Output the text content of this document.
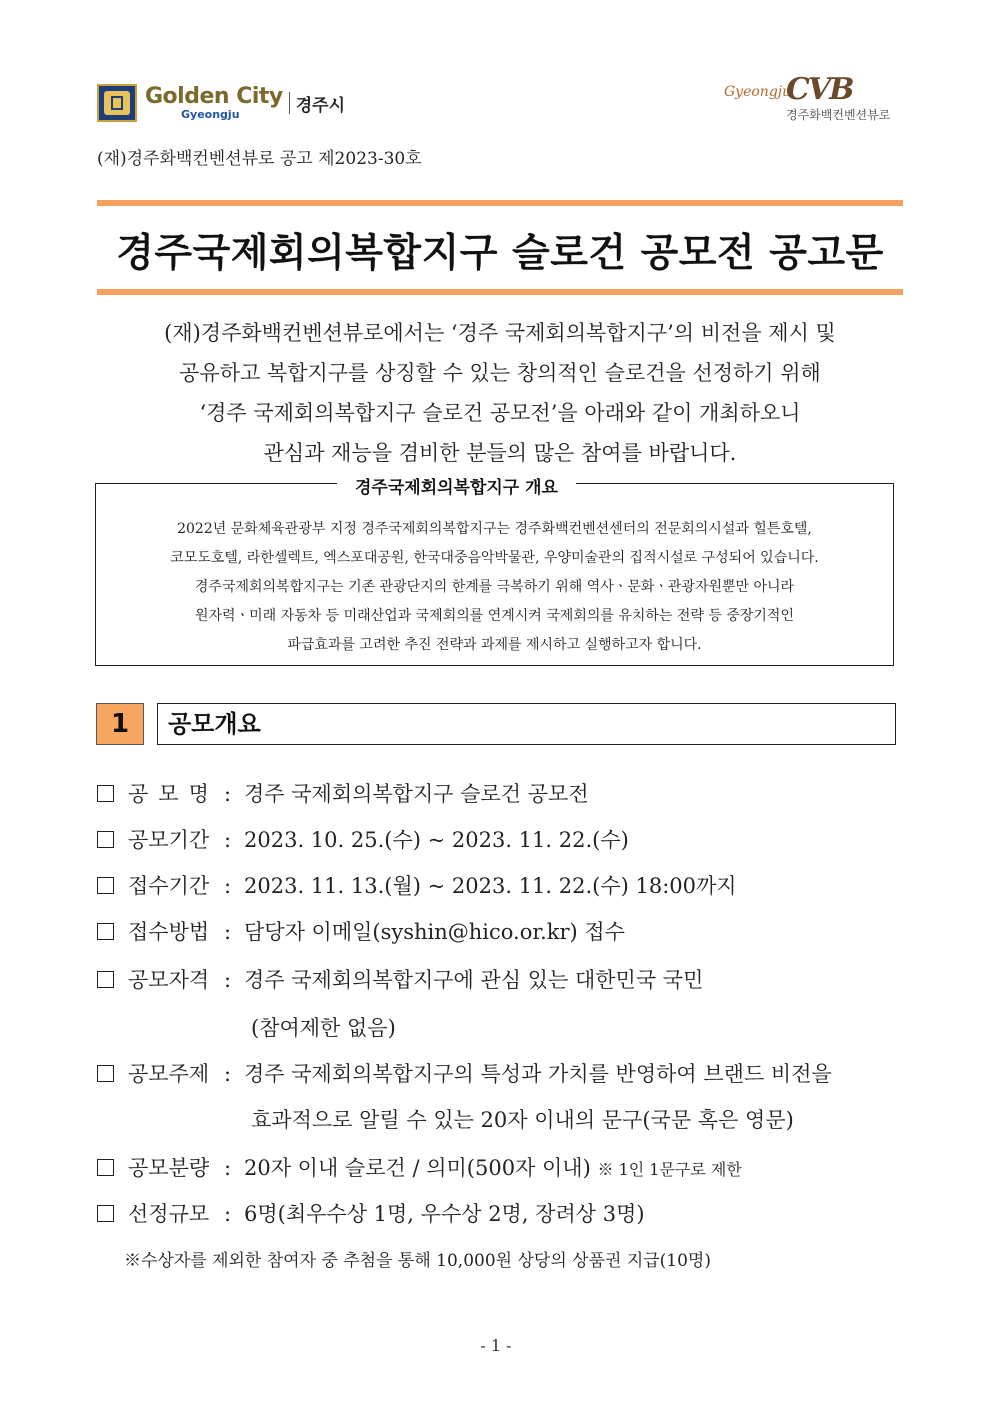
Golden City
Gyeongju	경주시
Gyeongju
CVB
경주화백컨벤션뷰로
(재)경주화백컨벤션뷰로 공고 제2023-30호
경주국제회의복합지구 슬로건 공모전 공고문
(재)경주화백컨벤션뷰로에서는 ‘경주 국제회의복합지구’의 비전을 제시 및
공유하고 복합지구를 상징할 수 있는 창의적인 슬로건을 선정하기 위해
‘경주 국제회의복합지구 슬로건 공모전’을 아래와 같이 개최하오니
관심과 재능을 겸비한 분들의 많은 참여를 바랍니다.
경주국제회의복합지구 개요
2022년 문화체육관광부 지정 경주국제회의복합지구는 경주화백컨벤션센터의 전문회의시설과 힐튼호텔,
코모도호텔, 라한셀렉트, 엑스포대공원, 한국대중음악박물관, 우양미술관의 집적시설로 구성되어 있습니다.
경주국제회의복합지구는 기존 관광단지의 한계를 극복하기 위해 역사ㆍ문화ㆍ관광자원뿐만 아니라
원자력ㆍ미래 자동차 등 미래산업과 국제회의를 연계시켜 국제회의를 유치하는 전략 등 중장기적인
파급효과를 고려한 추진 전략과 과제를 제시하고 실행하고자 합니다.
1	공모개요
공모명 : 경주 국제회의복합지구 슬로건 공모전
공모기간 : 2023. 10. 25.(수) ~ 2023. 11. 22.(수)
접수기간 : 2023. 11. 13.(월) ~ 2023. 11. 22.(수) 18:00까지
접수방법 : 담당자 이메일(syshin@hico.or.kr) 접수
공모자격 : 경주 국제회의복합지구에 관심 있는 대한민국 국민
(참여제한 없음)
공모주제 : 경주 국제회의복합지구의 특성과 가치를 반영하여 브랜드 비전을
효과적으로 알릴 수 있는 20자 이내의 문구(국문 혹은 영문)
공모분량 : 20자 이내 슬로건 / 의미(500자 이내) ※ 1인 1문구로 제한
선정규모 : 6명(최우수상 1명, 우수상 2명, 장려상 3명)
※수상자를 제외한 참여자 중 추첨을 통해 10,000원 상당의 상품권 지급(10명)
- 1 -
